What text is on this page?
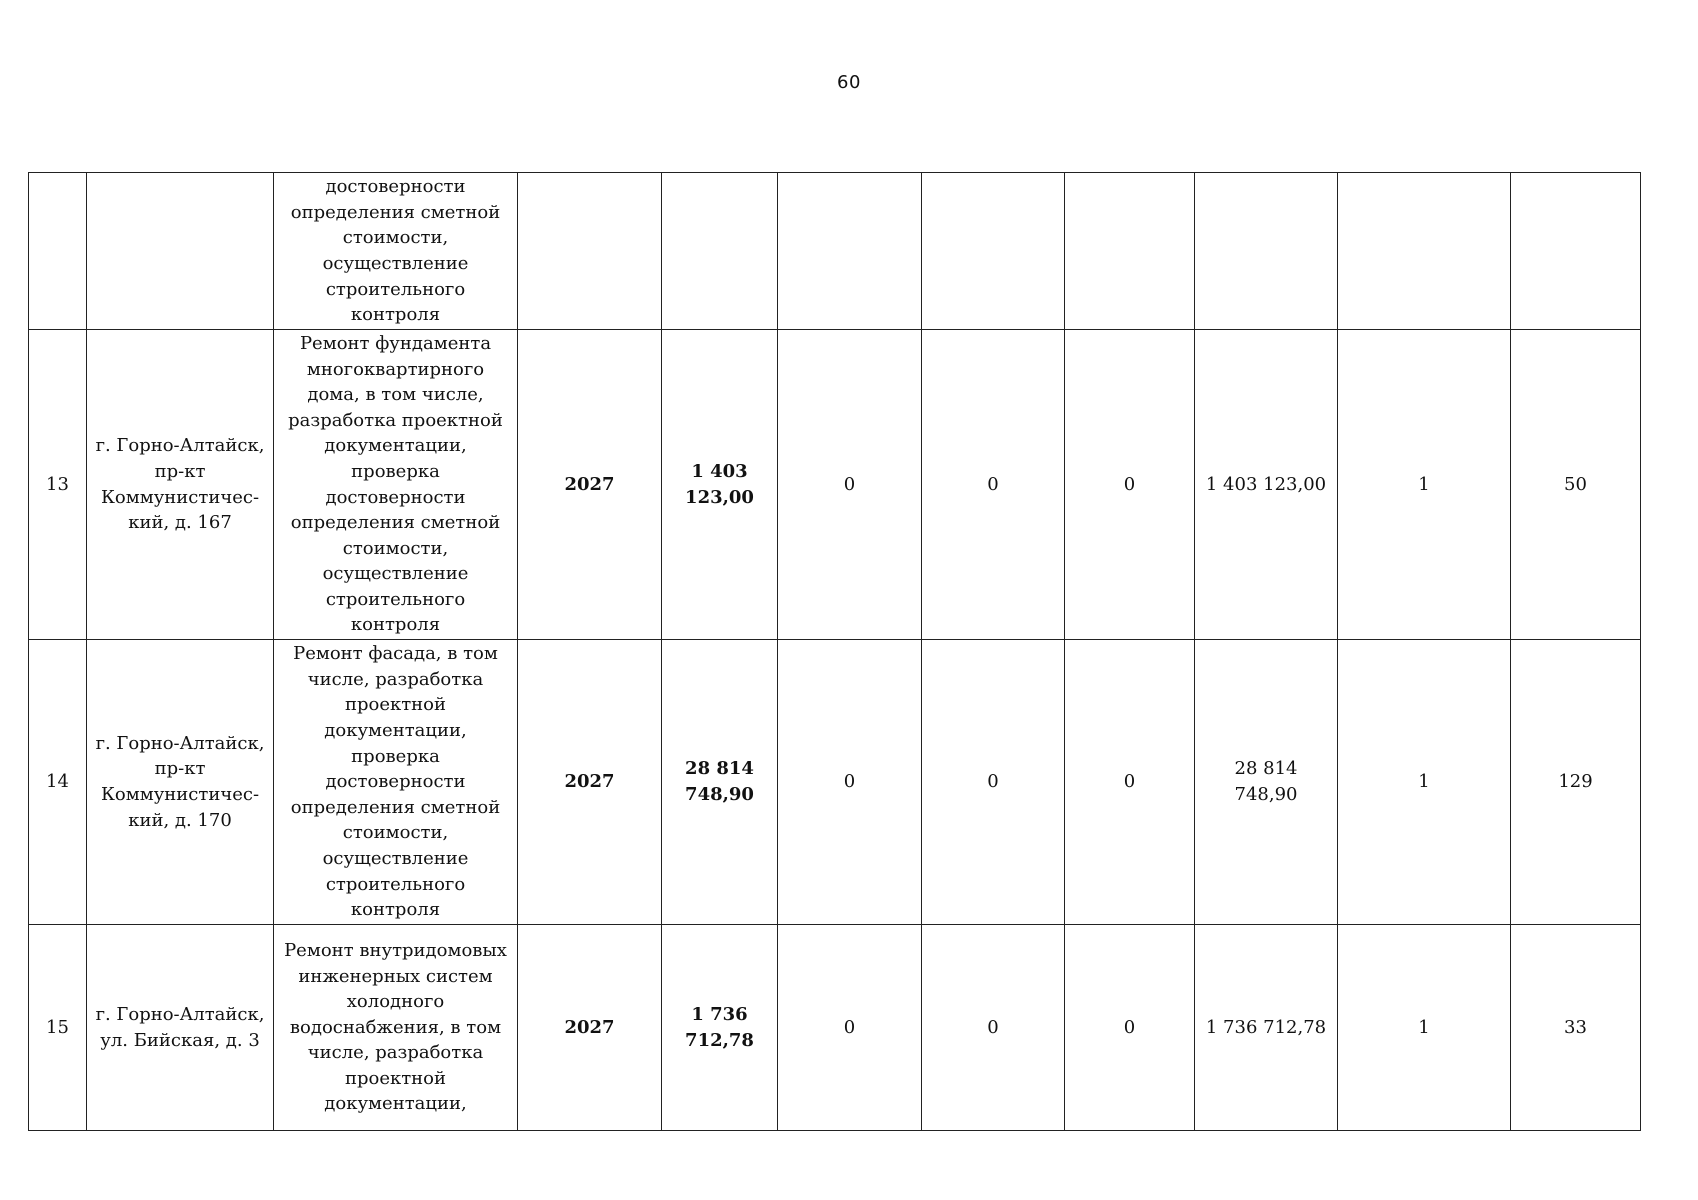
60
		достоверности определения сметной стоимости, осуществление строительного контроля								
13	г. Горно-Алтайск, пр-кт Коммунистичес-кий, д. 167	Ремонт фундамента многоквартирного дома, в том числе, разработка проектной документации, проверка достоверности определения сметной стоимости, осуществление строительного контроля	2027	1 403 123,00	0	0	0	1 403 123,00	1	50
14	г. Горно-Алтайск, пр-кт Коммунистичес-кий, д. 170	Ремонт фасада, в том числе, разработка проектной документации, проверка достоверности определения сметной стоимости, осуществление строительного контроля	2027	28 814 748,90	0	0	0	28 814 748,90	1	129
15	г. Горно-Алтайск, ул. Бийская, д. 3	Ремонт внутридомовых инженерных систем холодного водоснабжения, в том числе, разработка проектной документации,	2027	1 736 712,78	0	0	0	1 736 712,78	1	33
